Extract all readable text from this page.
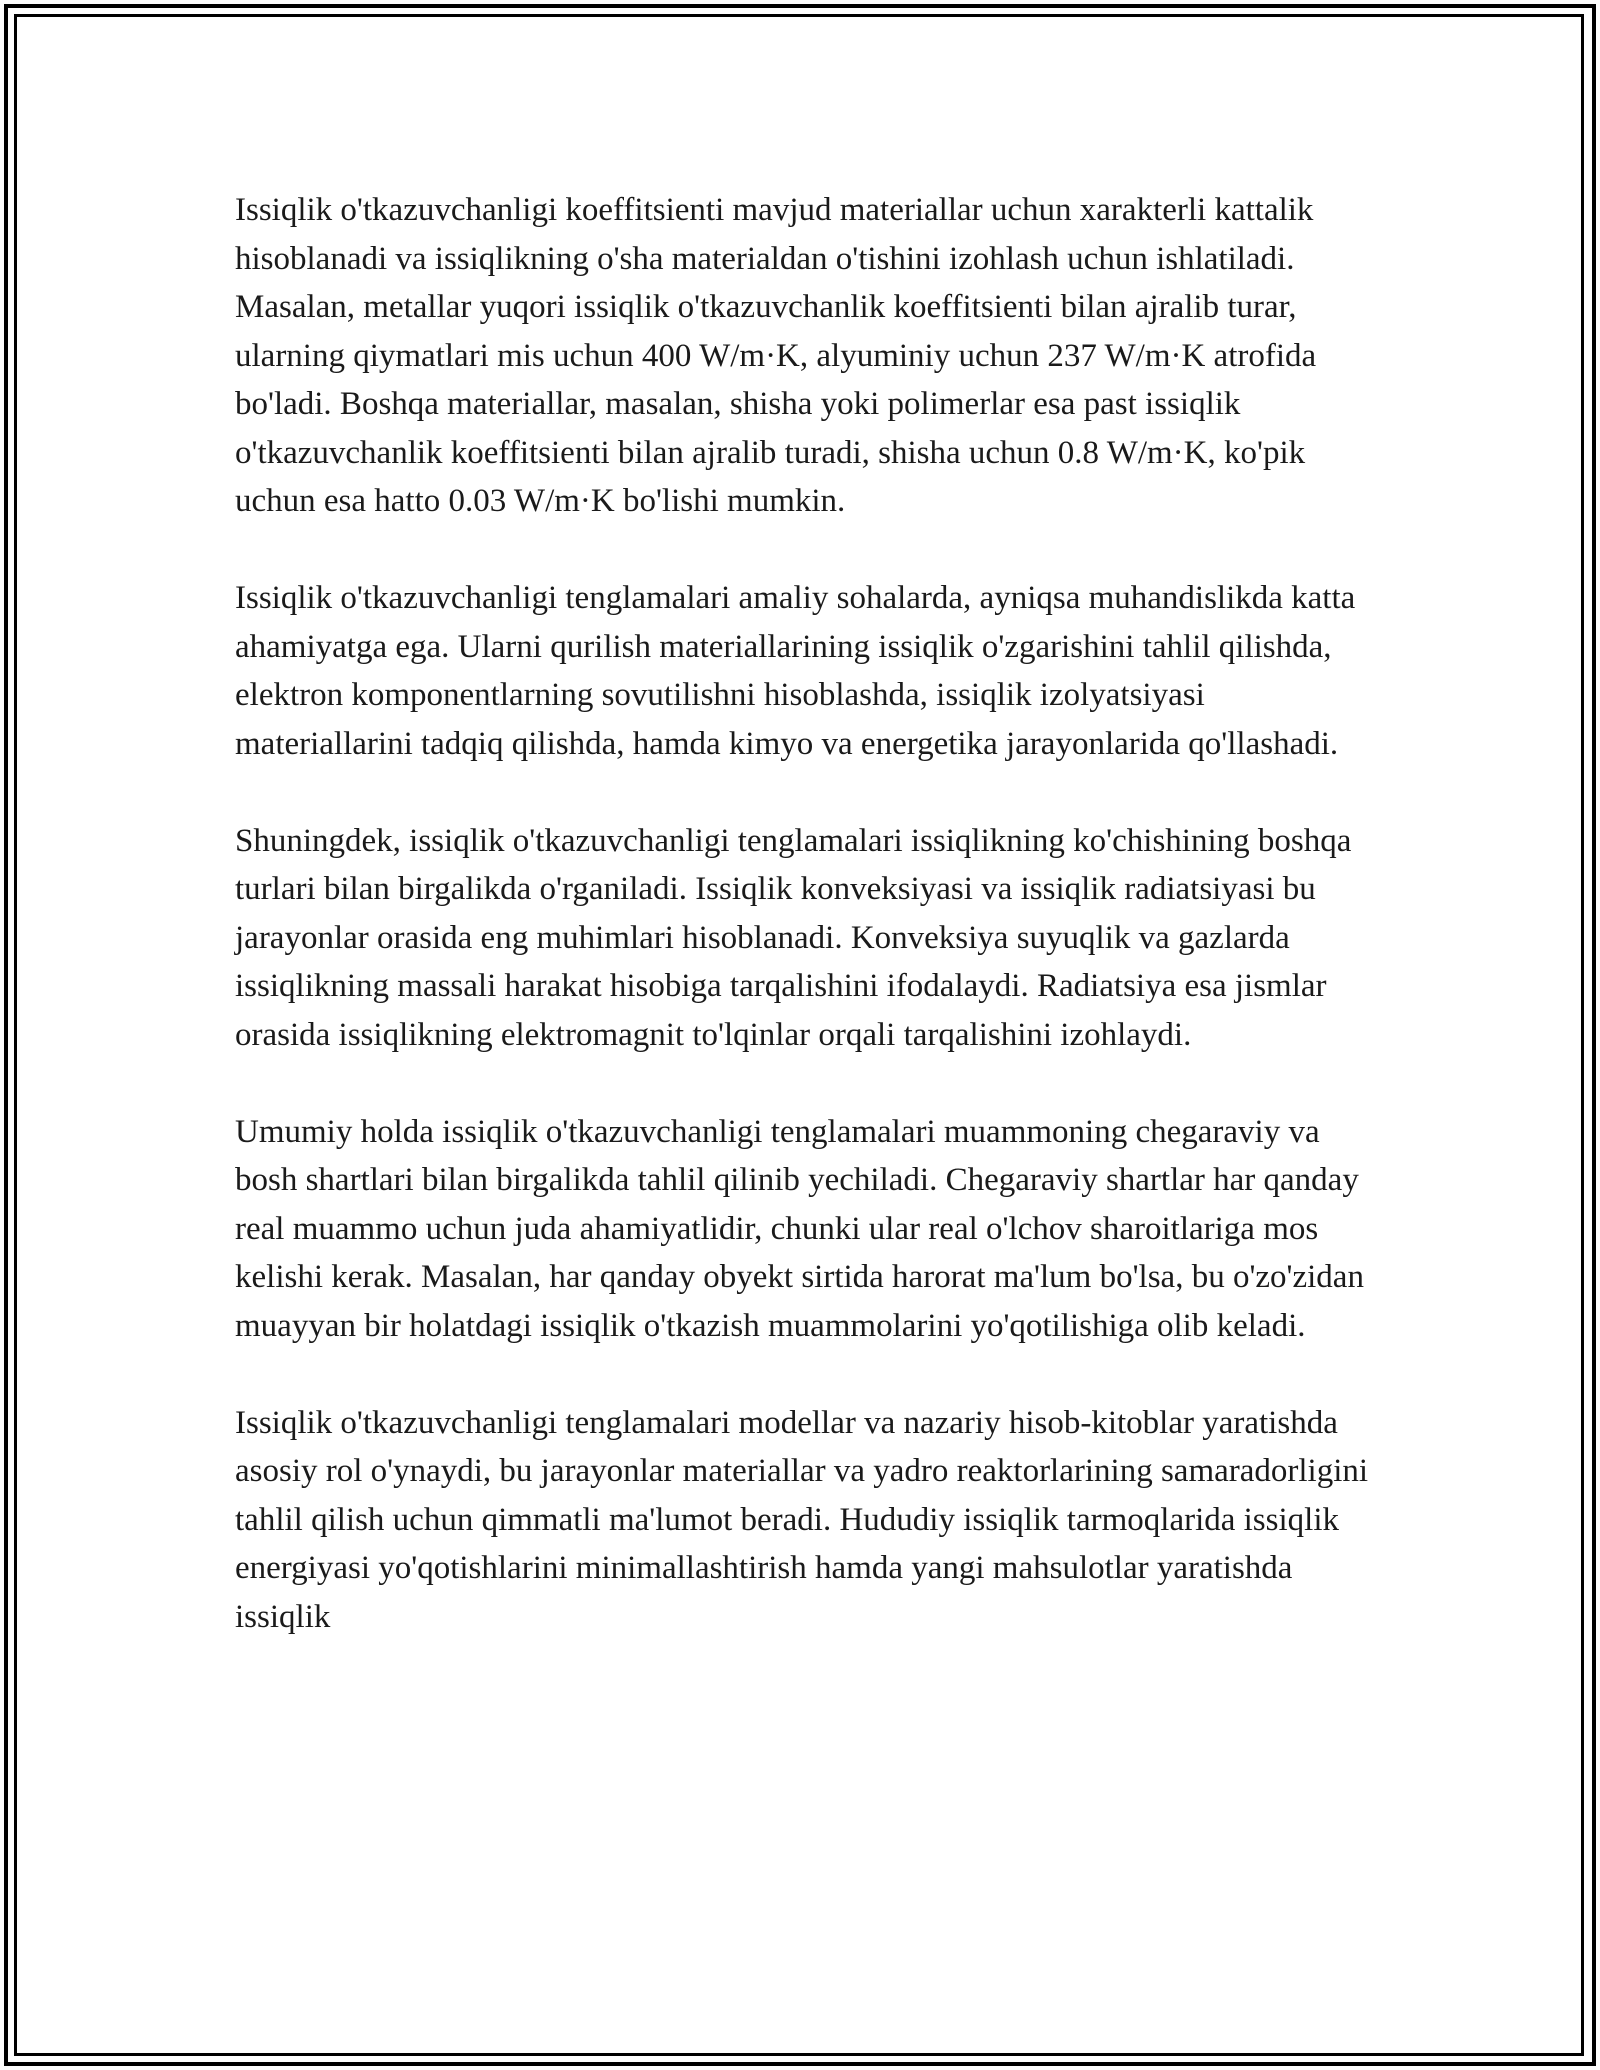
Issiqlik o'tkazuvchanligi koeffitsienti mavjud materiallar uchun xarakterli kattalik hisoblanadi va issiqlikning o'sha materialdan o'tishini izohlash uchun ishlatiladi. Masalan, metallar yuqori issiqlik o'tkazuvchanlik koeffitsienti bilan ajralib turar, ularning qiymatlari mis uchun 400 W/m·K, alyuminiy uchun 237 W/m·K atrofida bo'ladi. Boshqa materiallar, masalan, shisha yoki polimerlar esa past issiqlik o'tkazuvchanlik koeffitsienti bilan ajralib turadi, shisha uchun 0.8 W/m·K, ko'pik uchun esa hatto 0.03 W/m·K bo'lishi mumkin.

Issiqlik o'tkazuvchanligi tenglamalari amaliy sohalarda, ayniqsa muhandislikda katta ahamiyatga ega. Ularni qurilish materiallarining issiqlik o'zgarishini tahlil qilishda, elektron komponentlarning sovutilishni hisoblashda, issiqlik izolyatsiyasi materiallarini tadqiq qilishda, hamda kimyo va energetika jarayonlarida qo'llashadi.

Shuningdek, issiqlik o'tkazuvchanligi tenglamalari issiqlikning ko'chishining boshqa turlari bilan birgalikda o'rganiladi. Issiqlik konveksiyasi va issiqlik radiatsiyasi bu jarayonlar orasida eng muhimlari hisoblanadi. Konveksiya suyuqlik va gazlarda issiqlikning massali harakat hisobiga tarqalishini ifodalaydi. Radiatsiya esa jismlar orasida issiqlikning elektromagnit to'lqinlar orqali tarqalishini izohlaydi.

Umumiy holda issiqlik o'tkazuvchanligi tenglamalari muammoning chegaraviy va bosh shartlari bilan birgalikda tahlil qilinib yechiladi. Chegaraviy shartlar har qanday real muammo uchun juda ahamiyatlidir, chunki ular real o'lchov sharoitlariga mos kelishi kerak. Masalan, har qanday obyekt sirtida harorat ma'lum bo'lsa, bu o'zo'zidan muayyan bir holatdagi issiqlik o'tkazish muammolarini yo'qotilishiga olib keladi.

Issiqlik o'tkazuvchanligi tenglamalari modellar va nazariy hisob-kitoblar yaratishda asosiy rol o'ynaydi, bu jarayonlar materiallar va yadro reaktorlarining samaradorligini tahlil qilish uchun qimmatli ma'lumot beradi. Hududiy issiqlik tarmoqlarida issiqlik energiyasi yo'qotishlarini minimallashtirish hamda yangi mahsulotlar yaratishda issiqlik
